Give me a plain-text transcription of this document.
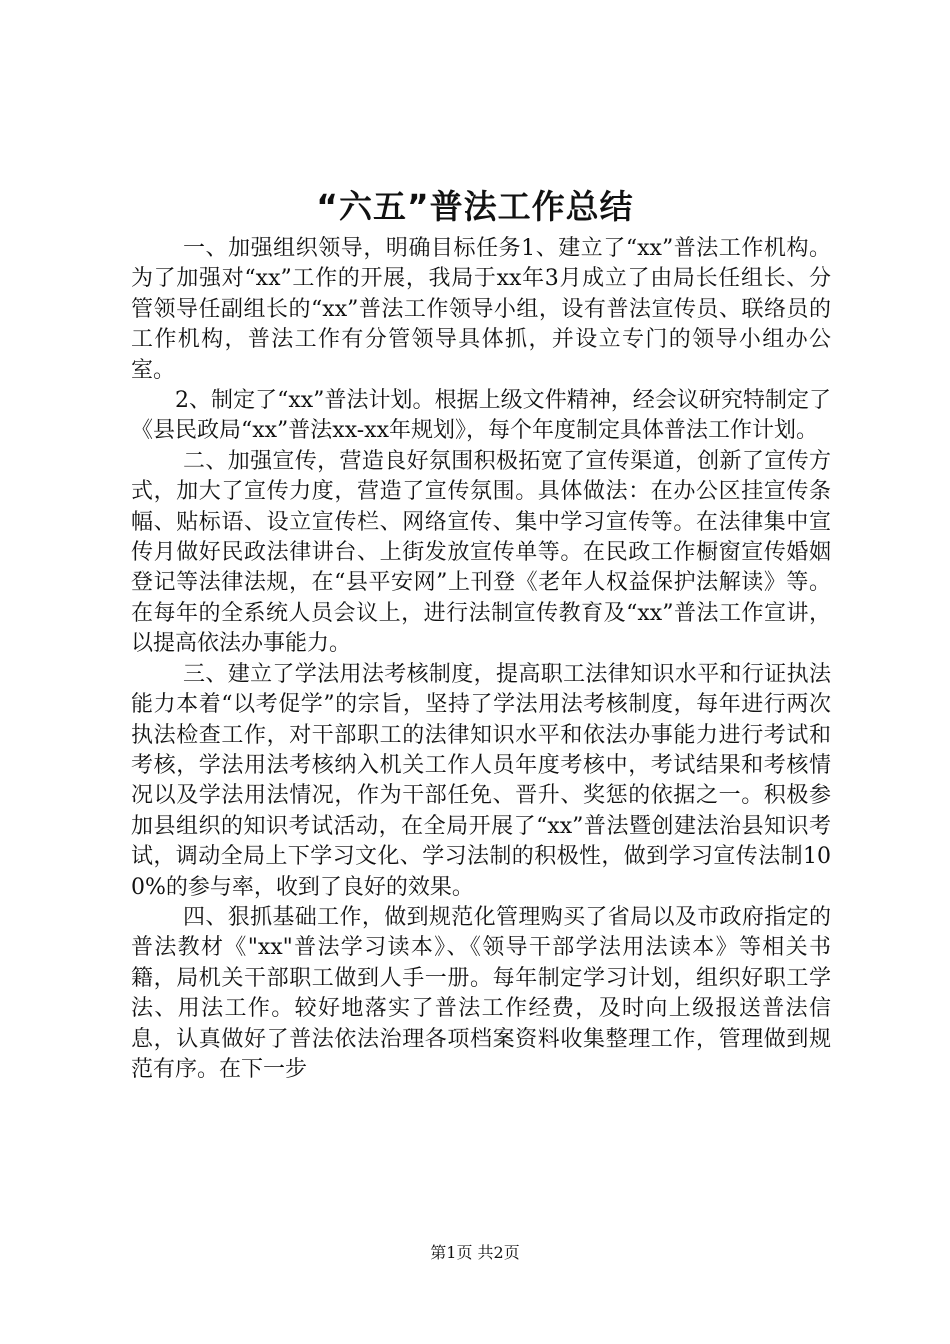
“六五”普法工作总结

一、加强组织领导，明确目标任务1、建立了“xx”普法工作机构。为了加强对“xx”工作的开展，我局于xx年3月成立了由局长任组长、分管领导任副组长的“xx”普法工作领导小组，设有普法宣传员、联络员的工作机构，普法工作有分管领导具体抓，并设立专门的领导小组办公室。

2、制定了“xx”普法计划。根据上级文件精神，经会议研究特制定了《县民政局“xx”普法xx-xx年规划》，每个年度制定具体普法工作计划。

二、加强宣传，营造良好氛围积极拓宽了宣传渠道，创新了宣传方式，加大了宣传力度，营造了宣传氛围。具体做法：在办公区挂宣传条幅、贴标语、设立宣传栏、网络宣传、集中学习宣传等。在法律集中宣传月做好民政法律讲台、上街发放宣传单等。在民政工作橱窗宣传婚姻登记等法律法规，在“县平安网”上刊登《老年人权益保护法解读》等。在每年的全系统人员会议上，进行法制宣传教育及“xx”普法工作宣讲，以提高依法办事能力。

三、建立了学法用法考核制度，提高职工法律知识水平和行证执法能力本着“以考促学”的宗旨，坚持了学法用法考核制度，每年进行两次执法检查工作，对干部职工的法律知识水平和依法办事能力进行考试和考核，学法用法考核纳入机关工作人员年度考核中，考试结果和考核情况以及学法用法情况，作为干部任免、晋升、奖惩的依据之一。积极参加县组织的知识考试活动，在全局开展了“xx”普法暨创建法治县知识考试，调动全局上下学习文化、学习法制的积极性，做到学习宣传法制100%的参与率，收到了良好的效果。

四、狠抓基础工作，做到规范化管理购买了省局以及市政府指定的普法教材《"xx"普法学习读本》、《领导干部学法用法读本》等相关书籍，局机关干部职工做到人手一册。每年制定学习计划，组织好职工学法、用法工作。较好地落实了普法工作经费，及时向上级报送普法信息，认真做好了普法依法治理各项档案资料收集整理工作，管理做到规范有序。在下一步

第1页 共2页
